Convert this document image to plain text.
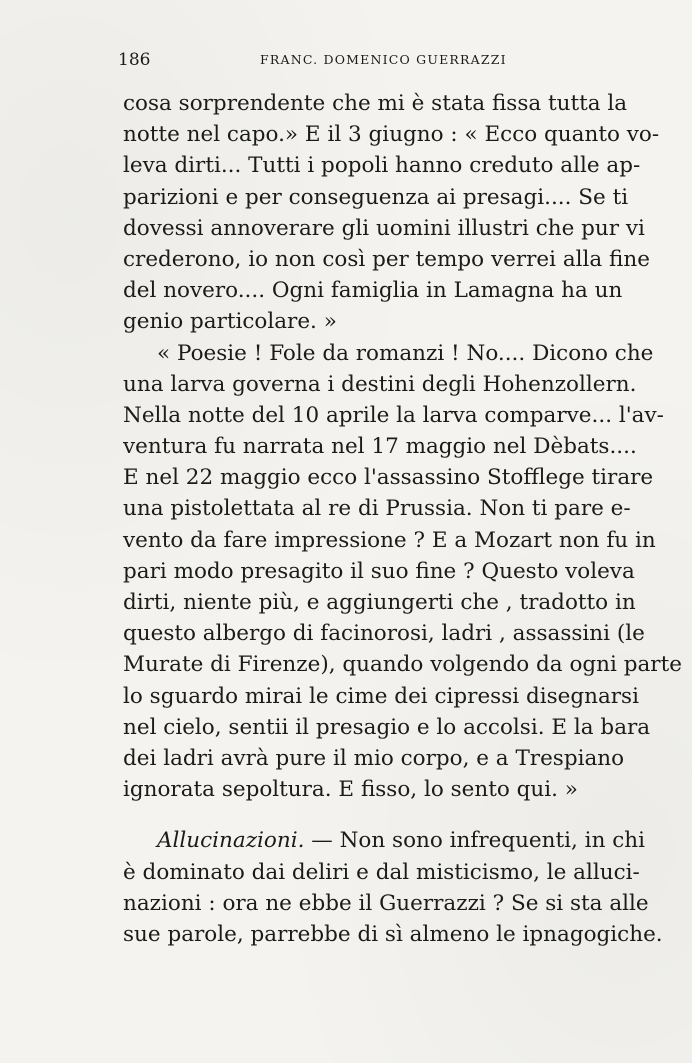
186	FRANC. DOMENICO GUERRAZZI
cosa sorprendente che mi è stata fissa tutta la
notte nel capo.» E il 3 giugno : « Ecco quanto vo-
leva dirti... Tutti i popoli hanno creduto alle ap-
parizioni e per conseguenza ai presagi.... Se ti
dovessi annoverare gli uomini illustri che pur vi
crederono, io non così per tempo verrei alla fine
del novero.... Ogni famiglia in Lamagna ha un
genio particolare. »
« Poesie ! Fole da romanzi ! No.... Dicono che
una larva governa i destini degli Hohenzollern.
Nella notte del 10 aprile la larva comparve... l'av-
ventura fu narrata nel 17 maggio nel Dèbats....
E nel 22 maggio ecco l'assassino Stofflege tirare
una pistolettata al re di Prussia. Non ti pare e-
vento da fare impressione ? E a Mozart non fu in
pari modo presagito il suo fine ? Questo voleva
dirti, niente più, e aggiungerti che , tradotto in
questo albergo di facinorosi, ladri , assassini (le
Murate di Firenze), quando volgendo da ogni parte
lo sguardo mirai le cime dei cipressi disegnarsi
nel cielo, sentii il presagio e lo accolsi. E la bara
dei ladri avrà pure il mio corpo, e a Trespiano
ignorata sepoltura. E fisso, lo sento qui. »
Allucinazioni. — Non sono infrequenti, in chi
è dominato dai deliri e dal misticismo, le alluci-
nazioni : ora ne ebbe il Guerrazzi ? Se si sta alle
sue parole, parrebbe di sì almeno le ipnagogiche.
